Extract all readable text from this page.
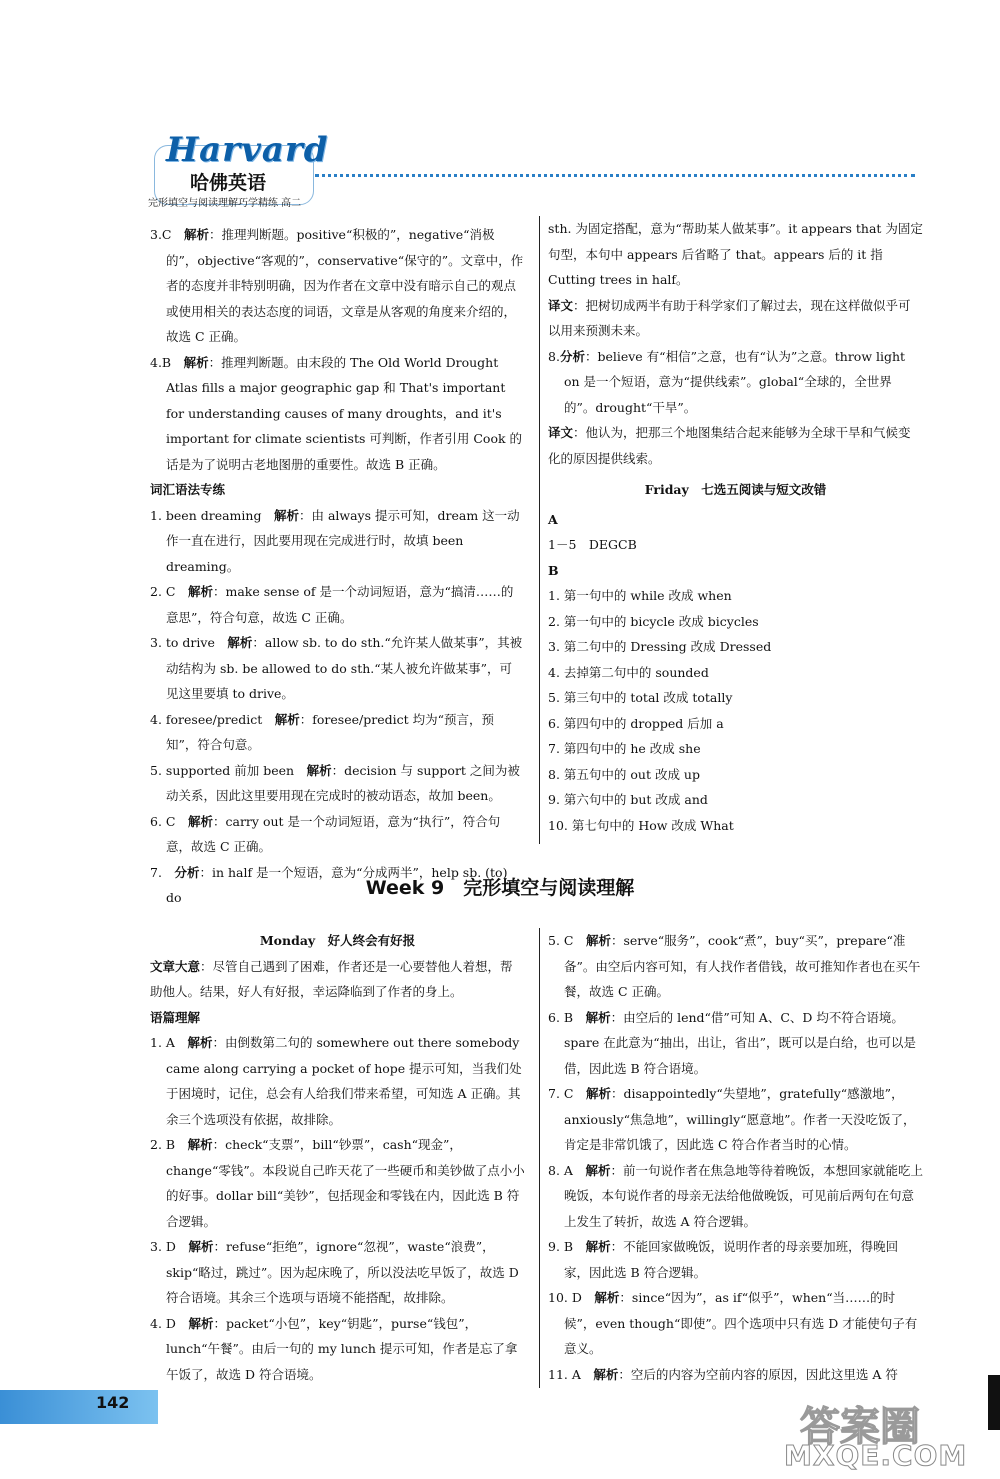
Harvard
哈佛英语
完形填空与阅读理解巧学精练 高二

3.C　 解析：推理判断题。positive“积极的”，negative“消极的”，objective“客观的”，conservative“保守的”。文章中，作者的态度并非特别明确，因为作者在文章中没有暗示自己的观点或使用相关的表达态度的词语，文章是从客观的角度来介绍的，故选 C 正确。

4.B　 解析：推理判断题。由末段的 The Old World Drought Atlas fills a major geographic gap 和 That's important for understanding causes of many droughts，and it's important for climate scientists 可判断，作者引用 Cook 的话是为了说明古老地图册的重要性。故选 B 正确。

词汇语法专练

1. been dreaming　 解析：由 always 提示可知，dream 这一动作一直在进行，因此要用现在完成进行时，故填 been dreaming。

2. C　 解析：make sense of 是一个动词短语，意为“搞清……的意思”，符合句意，故选 C 正确。

3. to drive　 解析：allow sb. to do sth.“允许某人做某事”，其被动结构为 sb. be allowed to do sth.“某人被允许做某事”，可见这里要填 to drive。

4. foresee/predict　 解析：foresee/predict 均为“预言，预知”，符合句意。

5. supported 前加 been　 解析：decision 与 support 之间为被动关系，因此这里要用现在完成时的被动语态，故加 been。

6. C　 解析：carry out 是一个动词短语，意为“执行”，符合句意，故选 C 正确。

7.　 分析：in half 是一个短语，意为“分成两半”，help sb. (to) do

sth. 为固定搭配，意为“帮助某人做某事”。it appears that 为固定句型，本句中 appears 后省略了 that。appears 后的 it 指 Cutting trees in half。

译文：把树切成两半有助于科学家们了解过去，现在这样做似乎可以用来预测未来。

8.分析：believe 有“相信”之意，也有“认为”之意。throw light on 是一个短语，意为“提供线索”。global“全球的，全世界的”。drought“干旱”。

译文：他认为，把那三个地图集结合起来能够为全球干旱和气候变化的原因提供线索。

Friday　七选五阅读与短文改错

A

1－5　DEGCB

B

1. 第一句中的 while 改成 when

2. 第一句中的 bicycle 改成 bicycles

3. 第二句中的 Dressing 改成 Dressed

4. 去掉第二句中的 sounded

5. 第三句中的 total 改成 totally

6. 第四句中的 dropped 后加 a

7. 第四句中的 he 改成 she

8. 第五句中的 out 改成 up

9. 第六句中的 but 改成 and

10. 第七句中的 How 改成 What

Week 9　完形填空与阅读理解

Monday　好人终会有好报

文章大意：尽管自己遇到了困难，作者还是一心要替他人着想，帮助他人。结果，好人有好报，幸运降临到了作者的身上。

语篇理解

1. A　 解析：由倒数第二句的 somewhere out there somebody came along carrying a pocket of hope 提示可知，当我们处于困境时，记住，总会有人给我们带来希望，可知选 A 正确。其余三个选项没有依据，故排除。

2. B　 解析：check“支票”，bill“钞票”，cash“现金”，change“零钱”。本段说自己昨天花了一些硬币和美钞做了点小小的好事。dollar bill“美钞”，包括现金和零钱在内，因此选 B 符合逻辑。

3. D　 解析：refuse“拒绝”，ignore“忽视”，waste“浪费”，skip“略过，跳过”。因为起床晚了，所以没法吃早饭了，故选 D 符合语境。其余三个选项与语境不能搭配，故排除。

4. D　 解析：packet“小包”，key“钥匙”，purse“钱包”，lunch“午餐”。由后一句的 my lunch 提示可知，作者是忘了拿午饭了，故选 D 符合语境。

5. C　 解析：serve“服务”，cook“煮”，buy“买”，prepare“准备”。由空后内容可知，有人找作者借钱，故可推知作者也在买午餐，故选 C 正确。

6. B　 解析：由空后的 lend“借”可知 A、C、D 均不符合语境。spare 在此意为“抽出，出让，省出”，既可以是白给，也可以是借，因此选 B 符合语境。

7. C　 解析：disappointedly“失望地”，gratefully“感激地”，anxiously“焦急地”，willingly“愿意地”。作者一天没吃饭了，肯定是非常饥饿了，因此选 C 符合作者当时的心情。

8. A　 解析：前一句说作者在焦急地等待着晚饭，本想回家就能吃上晚饭，本句说作者的母亲无法给他做晚饭，可见前后两句在句意上发生了转折，故选 A 符合逻辑。

9. B　 解析：不能回家做晚饭，说明作者的母亲要加班，得晚回家，因此选 B 符合逻辑。

10. D　 解析：since“因为”，as if“似乎”，when“当……的时候”，even though“即使”。四个选项中只有选 D 才能使句子有意义。

11. A　 解析：空后的内容为空前内容的原因，因此这里选 A 符

142
答案圈
MXQE.COM
